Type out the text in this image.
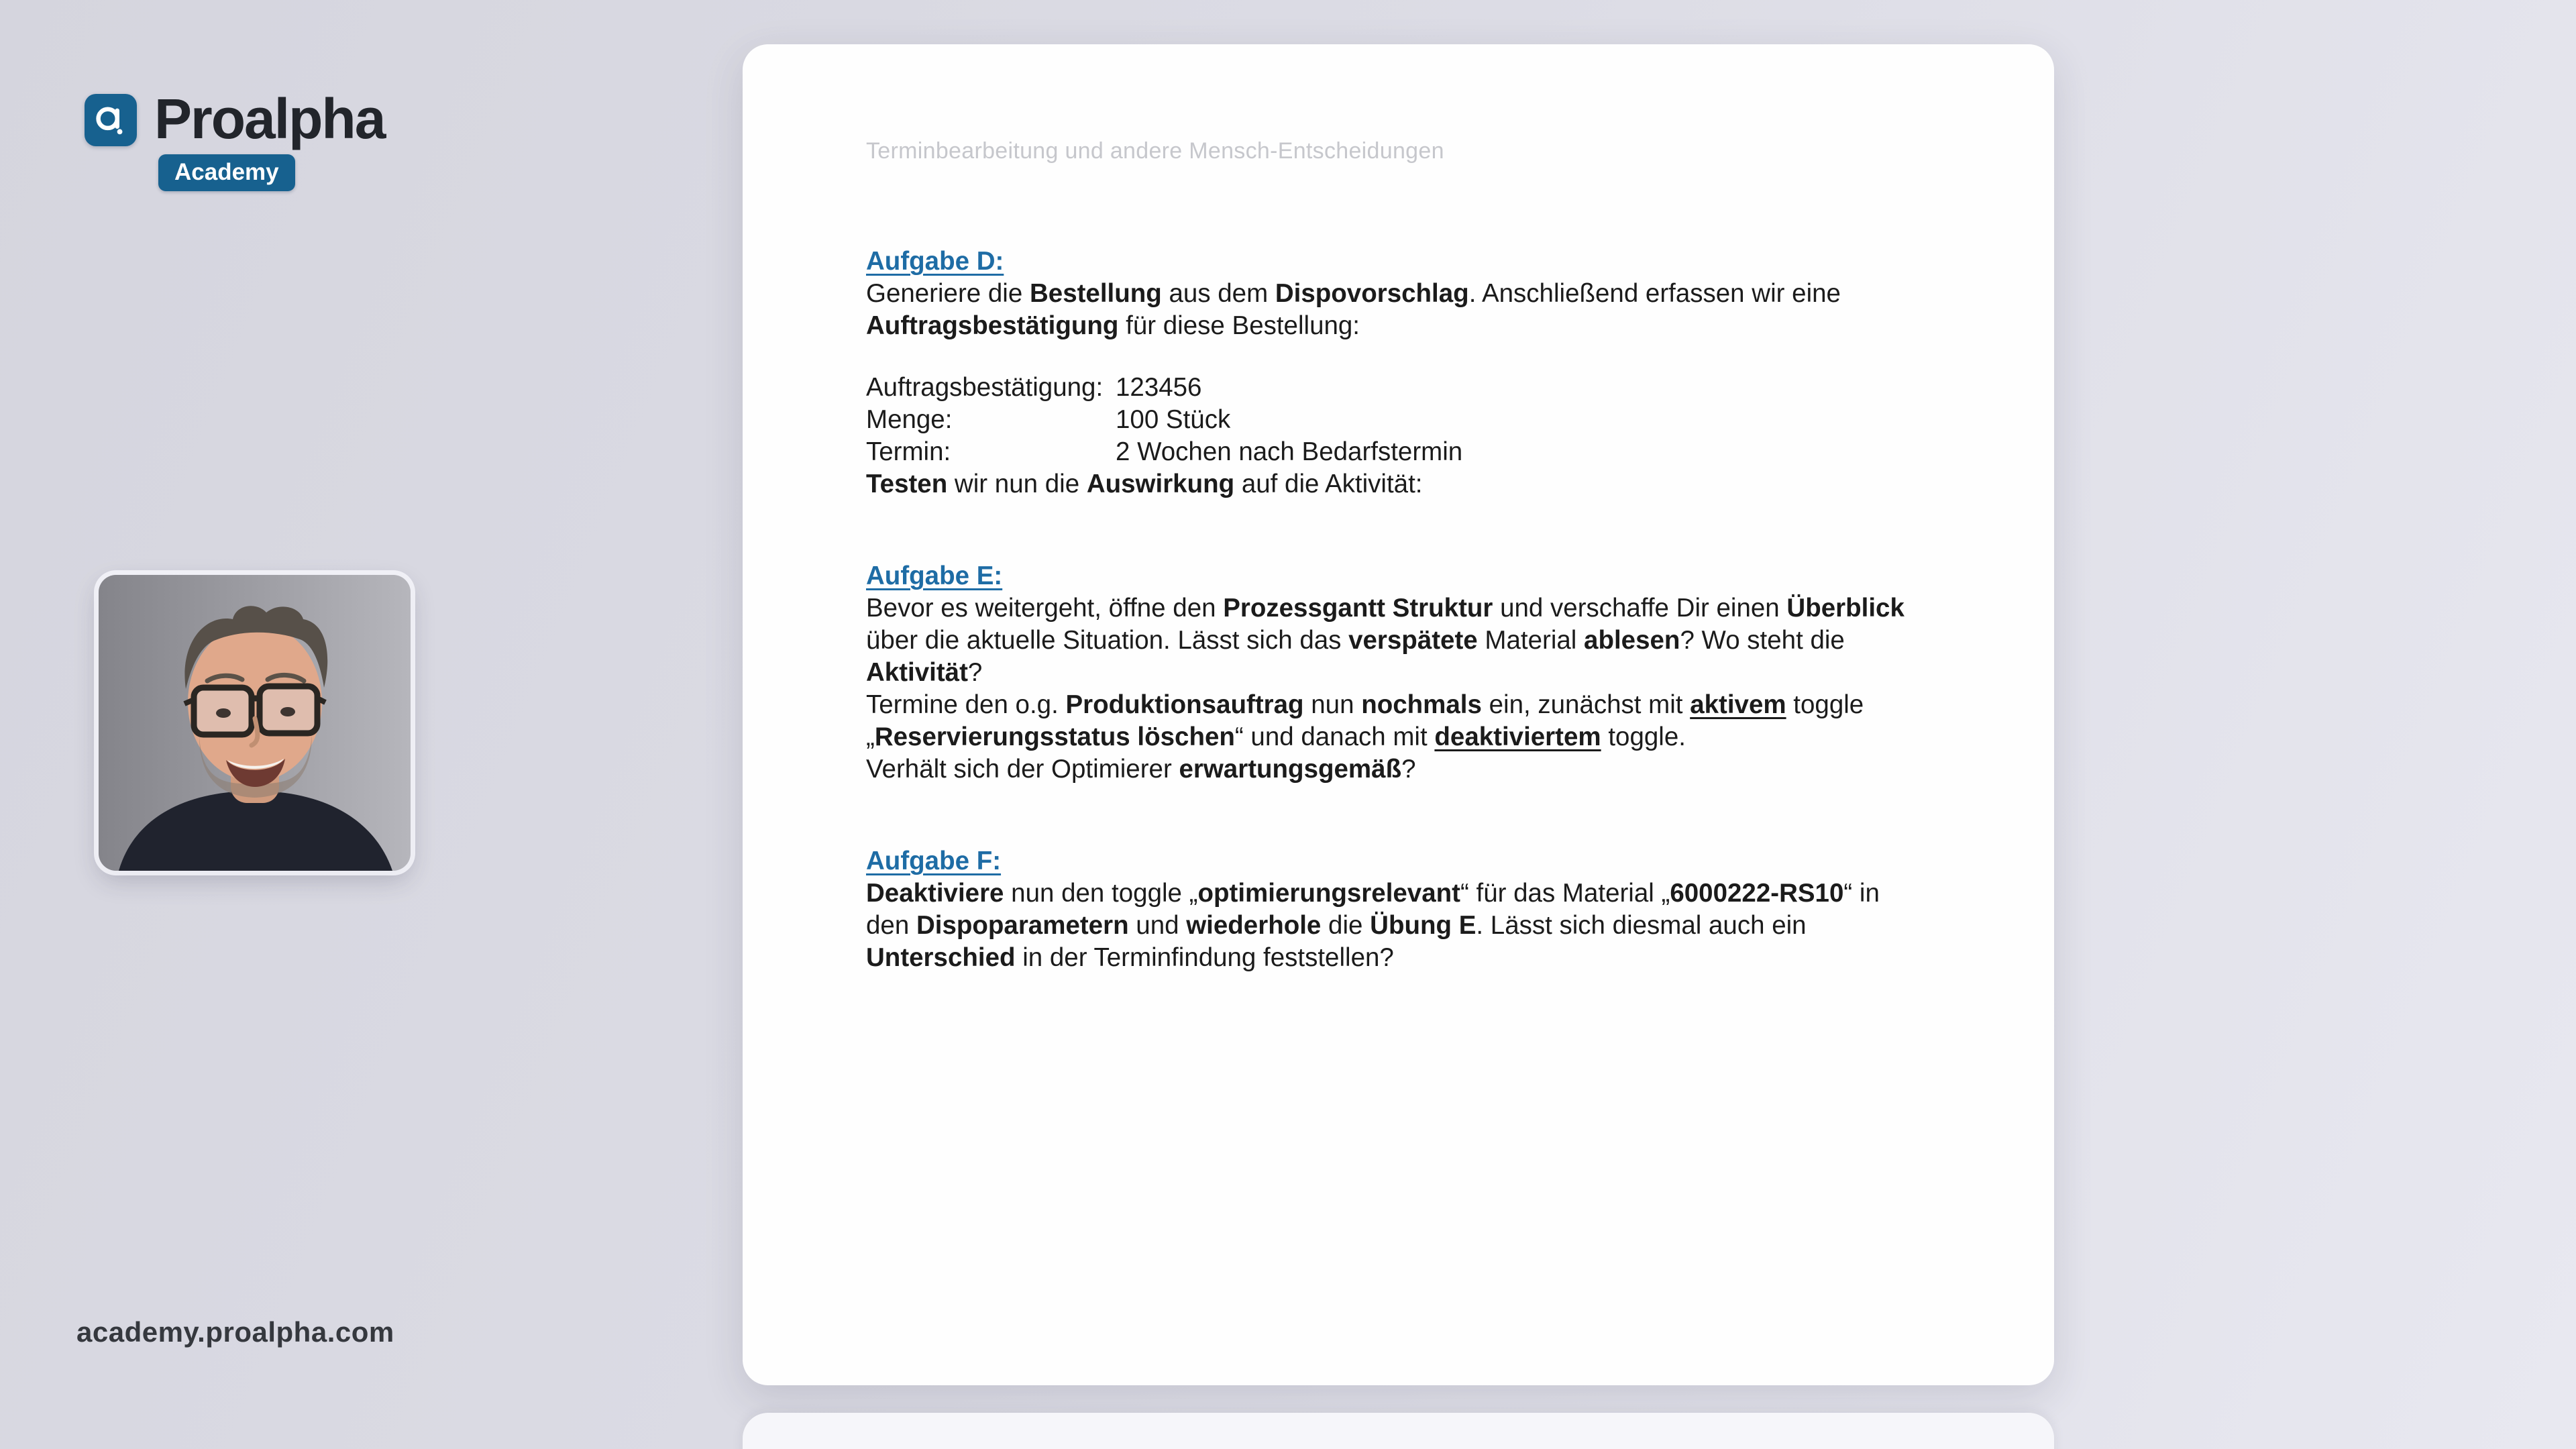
Proalpha
Academy
academy.proalpha.com
Terminbearbeitung und andere Mensch-Entscheidungen
Aufgabe D:

Generiere die Bestellung aus dem Dispovorschlag. Anschließend erfassen wir eine Auftragsbestätigung für diese Bestellung:

Auftragsbestätigung: 123456
Menge:	100 Stück
Termin:	2 Wochen nach Bedarfstermin

Testen wir nun die Auswirkung auf die Aktivität:

Aufgabe E:

Bevor es weitergeht, öffne den Prozessgantt Struktur und verschaffe Dir einen Überblick über die aktuelle Situation. Lässt sich das verspätete Material ablesen? Wo steht die Aktivität?

Termine den o.g. Produktionsauftrag nun nochmals ein, zunächst mit aktivem toggle „Reservierungsstatus löschen“ und danach mit deaktiviertem toggle.

Verhält sich der Optimierer erwartungsgemäß?

Aufgabe F:

Deaktiviere nun den toggle „optimierungsrelevant“ für das Material „6000222-RS10“ in den Dispoparametern und wiederhole die Übung E. Lässt sich diesmal auch ein Unterschied in der Terminfindung feststellen?
